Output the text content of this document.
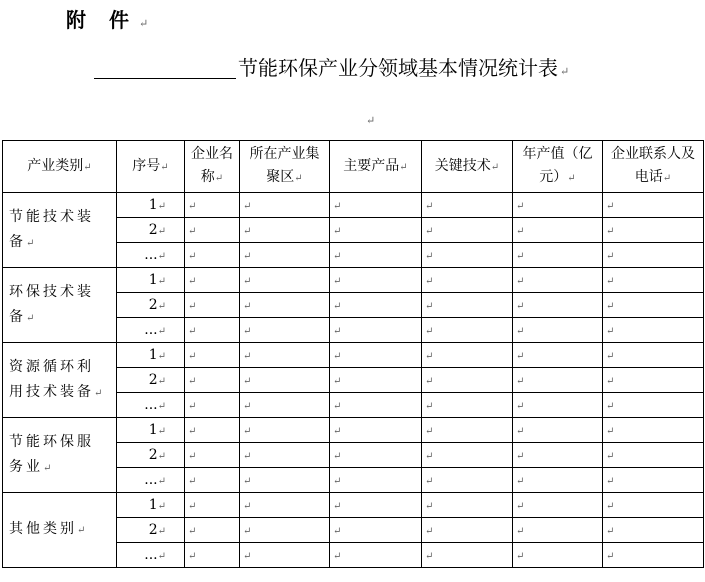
附 件 ↵
节能环保产业分领域基本情况统计表 ↵
↵
产业类别↵	序号↵	企业名称↵	所在产业集聚区↵	主要产品↵	关键技术↵	年产值（亿元）↵	企业联系人及电话↵
节能技术装备↵	1↵	↵	↵	↵	↵	↵	↵
	2↵	↵	↵	↵	↵	↵	↵
	...↵	↵	↵	↵	↵	↵	↵
环保技术装备↵	1↵	↵	↵	↵	↵	↵	↵
	2↵	↵	↵	↵	↵	↵	↵
	...↵	↵	↵	↵	↵	↵	↵
资源循环利用技术装备↵	1↵	↵	↵	↵	↵	↵	↵
	2↵	↵	↵	↵	↵	↵	↵
	...↵	↵	↵	↵	↵	↵	↵
节能环保服务业↵	1↵	↵	↵	↵	↵	↵	↵
	2↵	↵	↵	↵	↵	↵	↵
	...↵	↵	↵	↵	↵	↵	↵
其他类别↵	1↵	↵	↵	↵	↵	↵	↵
	2↵	↵	↵	↵	↵	↵	↵
	...↵	↵	↵	↵	↵	↵	↵
